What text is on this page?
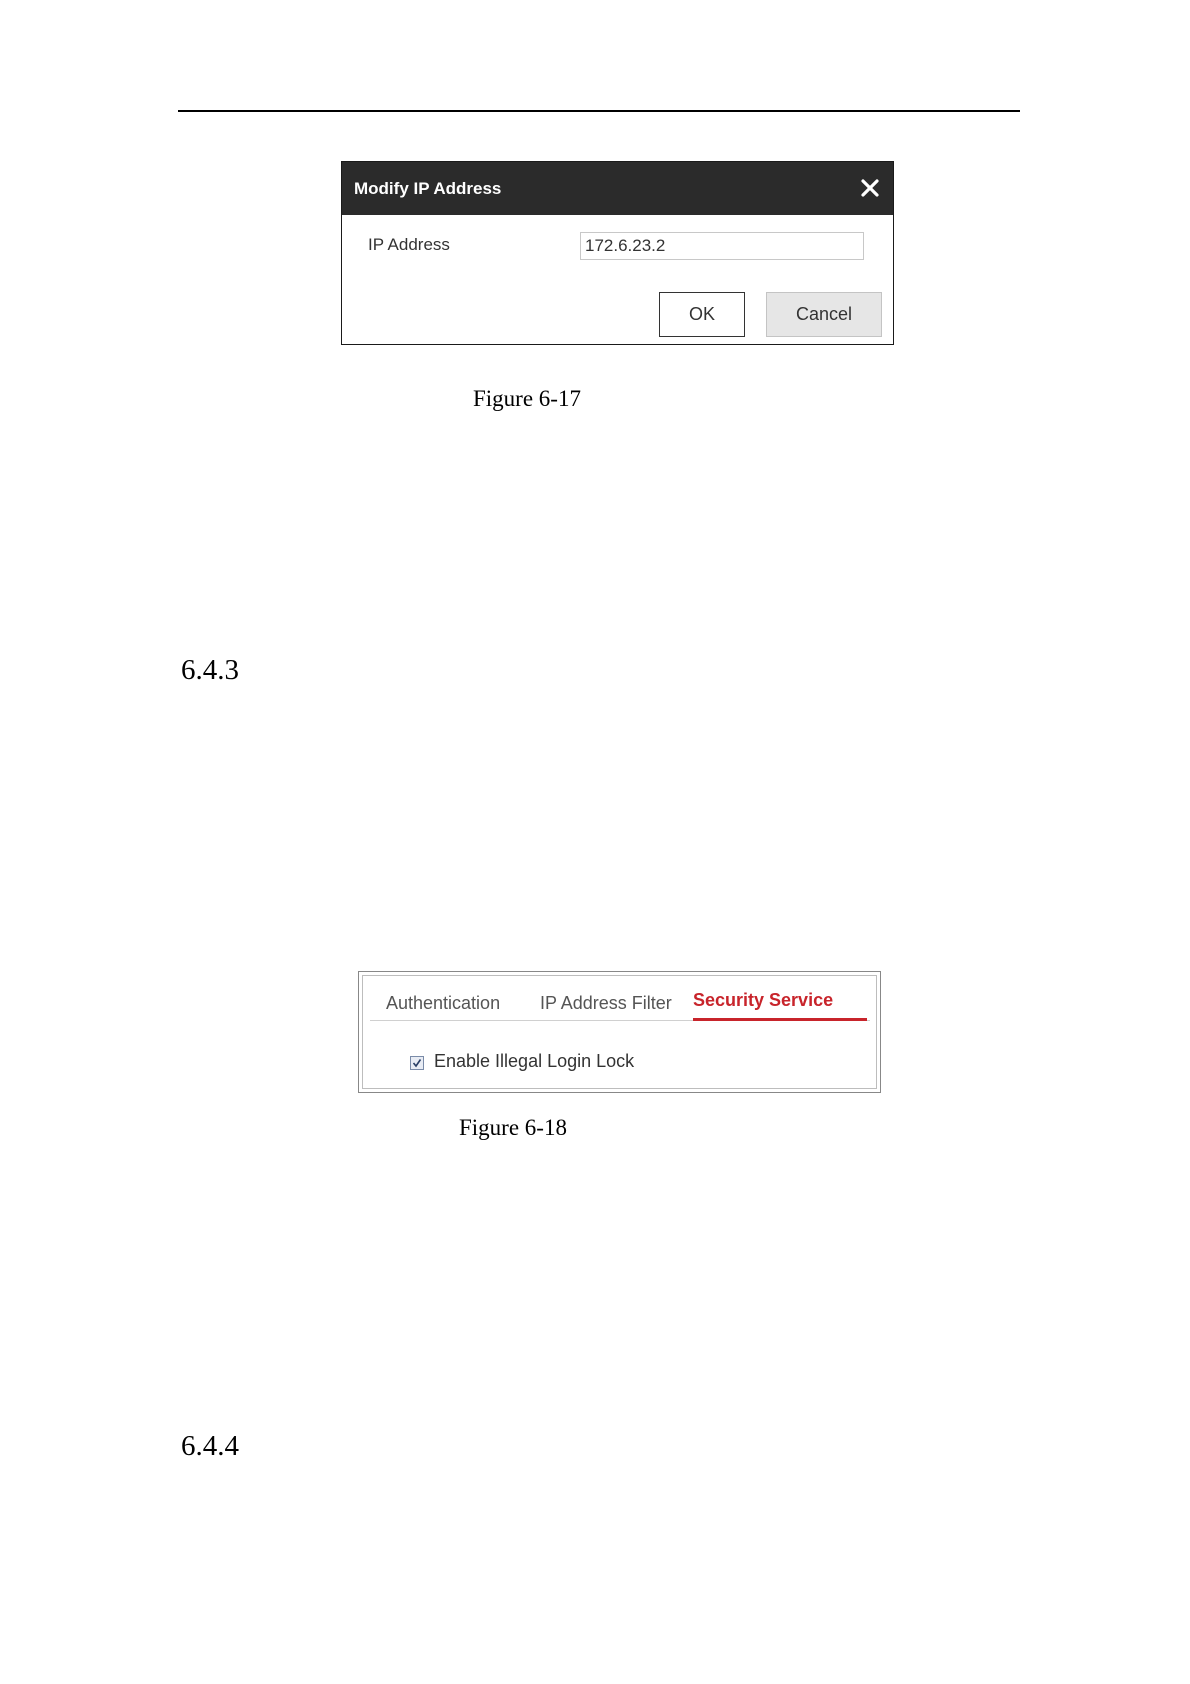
Modify IP Address
IP Address
172.6.23.2
OK	Cancel
Figure 6-17
6.4.3
Authentication IP Address Filter Security Service
Enable Illegal Login Lock
Figure 6-18
6.4.4
